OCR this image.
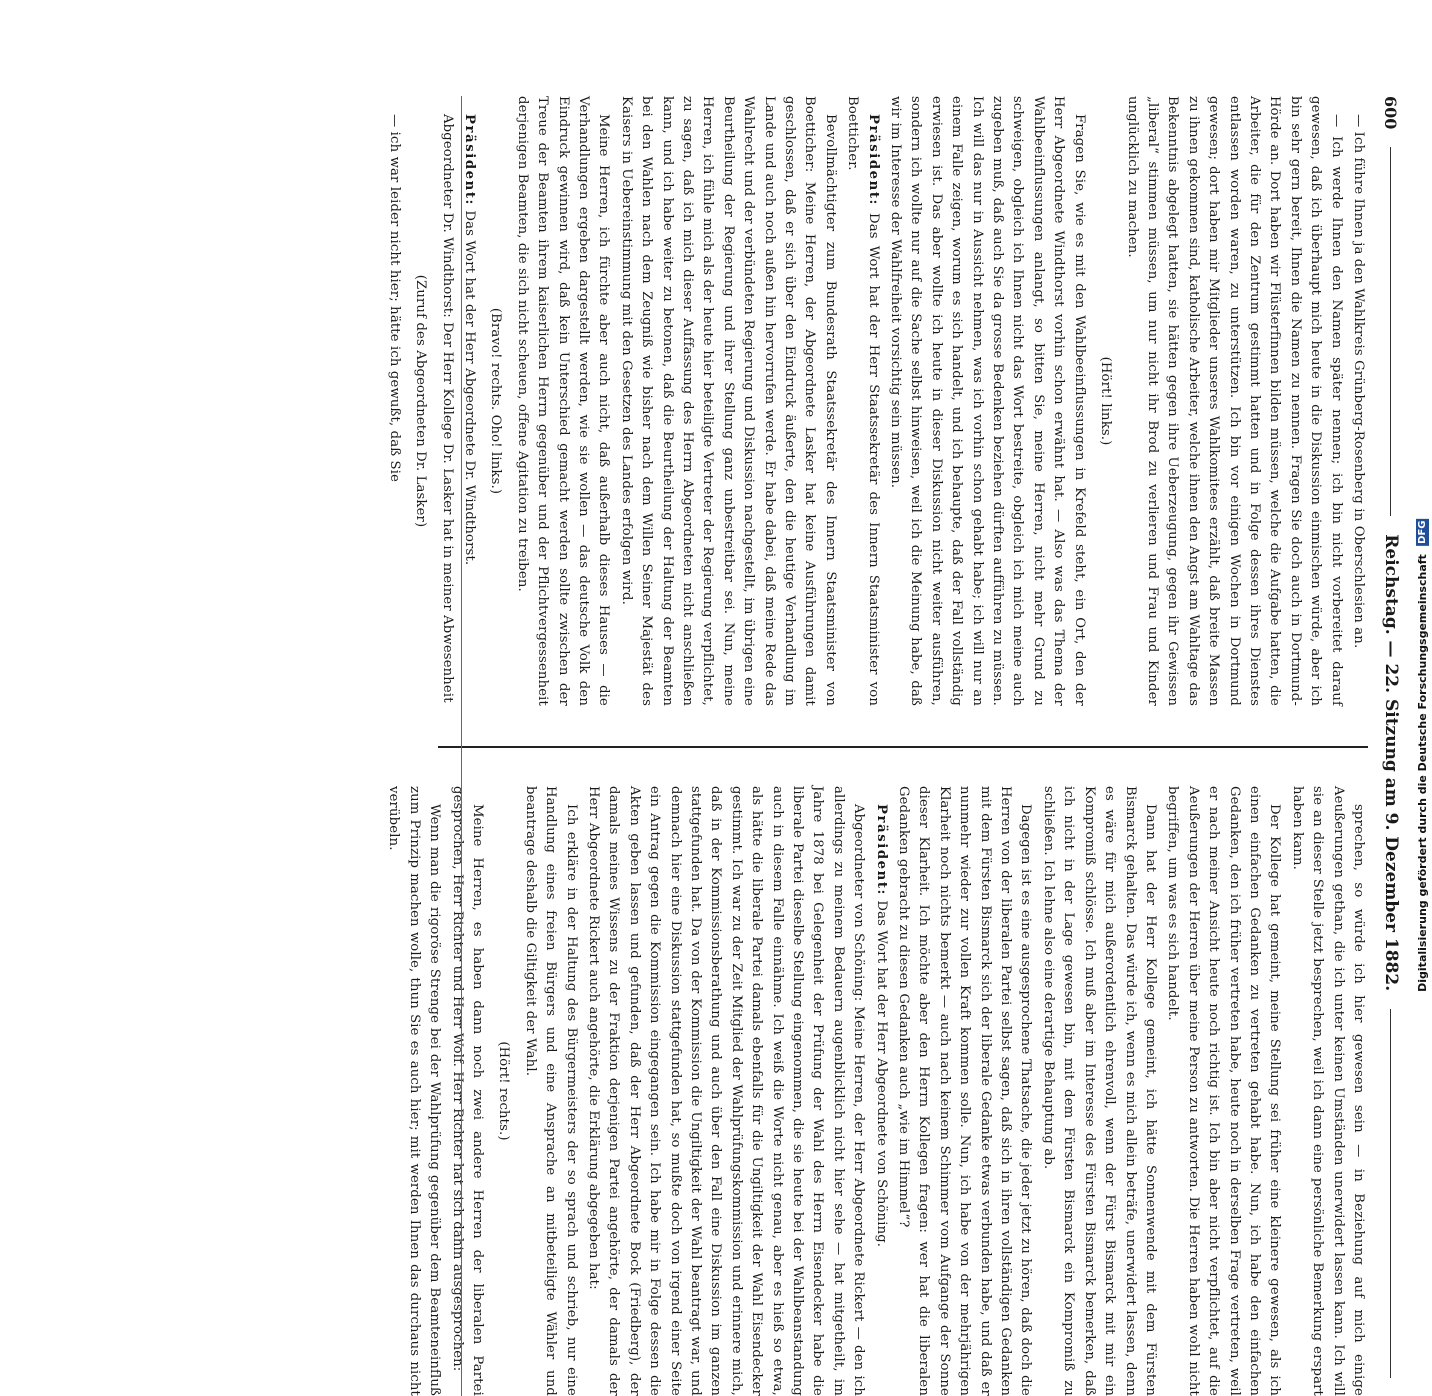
600
Reichstag. — 22. Sitzung am 9. Dezember 1882.

— Ich führe Ihnen ja den Wahlkreis Grünberg-Rosenberg in Oberschlesien an.

— Ich werde Ihnen den Namen später nennen; ich bin nicht vorbereitet darauf gewesen, daß ich überhaupt mich heute in die Diskussion einmischen würde, aber ich bin sehr gern bereit, Ihnen die Namen zu nennen. Fragen Sie doch auch in Dortmund-Hörde an. Dort haben wir Flüsterfinnen bilden müssen, welche die Aufgabe hatten, die Arbeiter, die für den Zentrum gestimmt hatten und in Folge dessen ihres Dienstes entlassen worden waren, zu unterstützen. Ich bin vor einigen Wochen in Dortmund gewesen; dort haben mir Mitglieder unseres Wahlkomitees erzählt, daß breite Massen zu ihnen gekommen sind, katholische Arbeiter, welche ihnen den Angst am Wahltage das Bekenntnis abgelegt hatten, sie hätten gegen ihre Ueberzeugung, gegen ihr Gewissen „liberal“ stimmen müssen, um nur nicht ihr Brod zu verlieren und Frau und Kinder unglücklich zu machen.

(Hört! links.)

Fragen Sie, wie es mit den Wahlbeeinflussungen in Krefeld steht, ein Ort, den der Herr Abgeordnete Windthorst vorhin schon erwähnt hat. — Also was das Thema der Wahlbeeinflussungen anlangt, so bitten Sie, meine Herren, nicht mehr Grund zu schweigen, obgleich ich Ihnen nicht das Wort bestreite, obgleich ich mich meine auch zugeben muß, daß auch Sie da grosse Bedenken beziehen dürften aufführen zu müssen. Ich will das nur in Aussicht nehmen, was ich vorhin schon gehabt habe; ich will nur an einem Falle zeigen, worum es sich handelt, und ich behaupte, daß der Fall vollständig erwiesen ist. Das aber wollte ich heute in dieser Diskussion nicht weiter ausführen, sondern ich wollte nur auf die Sache selbst hinweisen, weil ich die Meinung habe, daß wir im Interesse der Wahlfreiheit vorsichtig sein müssen.

Präsident: Das Wort hat der Herr Staatssekretär des Innern Staatsminister von Boetticher.

Bevollmächtigter zum Bundesrath Staatssekretär des Innern Staatsminister von Boetticher: Meine Herren, der Abgeordnete Lasker hat keine Ausführungen damit geschlossen, daß er sich über den Eindruck äußerte, den die heutige Verhandlung im Lande und auch noch außen hin hervorrufen werde. Er habe dabei, daß meine Rede das Wahlrecht und der verbündeten Regierung und Diskussion nachgestellt, im übrigen eine Beurtheilung der Regierung und ihrer Stellung ganz unbestreitbar sei. Nun, meine Herren, ich fühle mich als der heute hier beteiligte Vertreter der Regierung verpflichtet, zu sagen, daß ich mich dieser Auffassung des Herrn Abgeordneten nicht anschließen kann, und ich habe weiter zu betonen, daß die Beurtheilung der Haltung der Beamten bei den Wahlen nach dem Zeugniß wie bisher nach dem Willen Seiner Majestät des Kaisers in Uebereinstimmung mit den Gesetzen des Landes erfolgen wird.

Meine Herren, ich fürchte aber auch nicht, daß außerhalb dieses Hauses — die Verhandlungen ergeben dargestellt werden, wie sie wollen — das deutsche Volk den Eindruck gewinnen wird, daß kein Unterschied gemacht werden sollte zwischen der Treue der Beamten ihrem kaiserlichen Herrn gegenüber und der Pflichtvergessenheit derjenigen Beamten, die sich nicht scheuen, offene Agitation zu treiben.

(Bravo! rechts. Oho! links.)

Präsident: Das Wort hat der Herr Abgeordnete Dr. Windthorst.

Abgeordneter Dr. Windthorst: Der Herr Kollege Dr. Lasker hat in meiner Abwesenheit

(Zuruf des Abgeordneten Dr. Lasker)

— ich war leider nicht hier; hätte ich gewußt, daß Sie

sprechen, so würde ich hier gewesen sein — in Beziehung auf mich einige Aeußerungen gethan, die ich unter keinen Umständen unerwidert lassen kann. Ich will sie an dieser Stelle jetzt besprechen, weil ich dann eine persönliche Bemerkung erspart haben kann.

Der Kollege hat gemeint, meine Stellung sei früher eine kleinere gewesen, als ich einen einfachen Gedanken zu vertreten gehabt habe. Nun, ich habe den einfachen Gedanken, den ich früher vertreten habe, heute noch in derselben Frage vertreten, weil er nach meiner Ansicht heute noch richtig ist. Ich bin aber nicht verpflichtet, auf die Aeußerungen der Herren über meine Person zu antworten. Die Herren haben wohl nicht begriffen, um was es sich handelt.

Dann hat der Herr Kollege gemeint, ich hätte Sonnenwende mit dem Fürsten Bismarck gehalten. Das würde ich, wenn es mich allein beträfe, unerwidert lassen, denn es wäre für mich außerordentlich ehrenvoll, wenn der Fürst Bismarck mit mir ein Kompromiß schlösse. Ich muß aber im Interesse des Fürsten Bismarck bemerken, daß ich nicht in der Lage gewesen bin, mit dem Fürsten Bismarck ein Kompromiß zu schließen. Ich lehne also eine derartige Behauptung ab.

Dagegen ist es eine ausgesprochene Thatsache, die jeder jetzt zu hören, daß doch die Herren von der liberalen Partei selbst sagen, daß sich in ihren vollständigen Gedanken mit dem Fürsten Bismarck sich der liberale Gedanke etwas verbunden habe, und daß er nunmehr wieder zur vollen Kraft kommen solle. Nun, ich habe von der mehrjährigen Klarheit noch nichts bemerkt — auch nach keinem Schimmer vom Aufgange der Sonne dieser Klarheit. Ich möchte aber den Herrn Kollegen fragen: wer hat die liberalen Gedanken gebracht zu diesen Gedanken auch „wie im Himmel“?

Präsident: Das Wort hat der Herr Abgeordnete von Schöning.

Abgeordneter von Schöning: Meine Herren, der Herr Abgeordnete Rickert — den ich allerdings zu meinem Bedauern augenblicklich nicht hier sehe — hat mitgetheilt, im Jahre 1878 bei Gelegenheit der Prüfung der Wahl des Herrn Eisendecker habe die liberale Partei dieselbe Stellung eingenommen, die sie heute bei der Wahlbeanstandung auch in diesem Falle einnähme. Ich weiß die Worte nicht genau, aber es hieß so etwa, als hätte die liberale Partei damals ebenfalls für die Ungiltigkeit der Wahl Eisendecker gestimmt. Ich war zu der Zeit Mitglied der Wahlprüfungskommission und erinnere mich, daß in der Kommissionsberathung und auch über den Fall eine Diskussion im ganzen stattgefunden hat. Da von der Kommission die Ungiltigkeit der Wahl beantragt war, und demnach hier eine Diskussion stattgefunden hat, so mußte doch von irgend einer Seite ein Antrag gegen die Kommission eingegangen sein. Ich habe mir in Folge dessen die Akten geben lassen und gefunden, daß der Herr Abgeordnete Bock (Friedberg), der damals meines Wissens zu der Fraktion derjenigen Partei angehörte, der damals der Herr Abgeordnete Rickert auch angehörte, die Erklärung abgegeben hat:

Ich erkläre in der Haltung des Bürgermeisters der so sprach und schrieb, nur eine Handlung eines freien Bürgers und eine Ansprache an mitbeteiligte Wähler und beantrage deshalb die Giltigkeit der Wahl.

(Hört! rechts.)

Meine Herren, es haben dann noch zwei andere Herren der liberalen Partei gesprochen, Herr Richter und Herr Wolf. Herr Richter hat sich dahin ausgesprochen:

Wenn man die rigoröse Strenge bei der Wahlprüfung gegenüber dem Beamteneinfluß zum Prinzip machen wolle, thun Sie es auch hier; mit werden Ihnen das durchaus nicht verübeln.	Digitalisierung gefördert durch die Deutsche Forschungsgemeinschaft DFG
